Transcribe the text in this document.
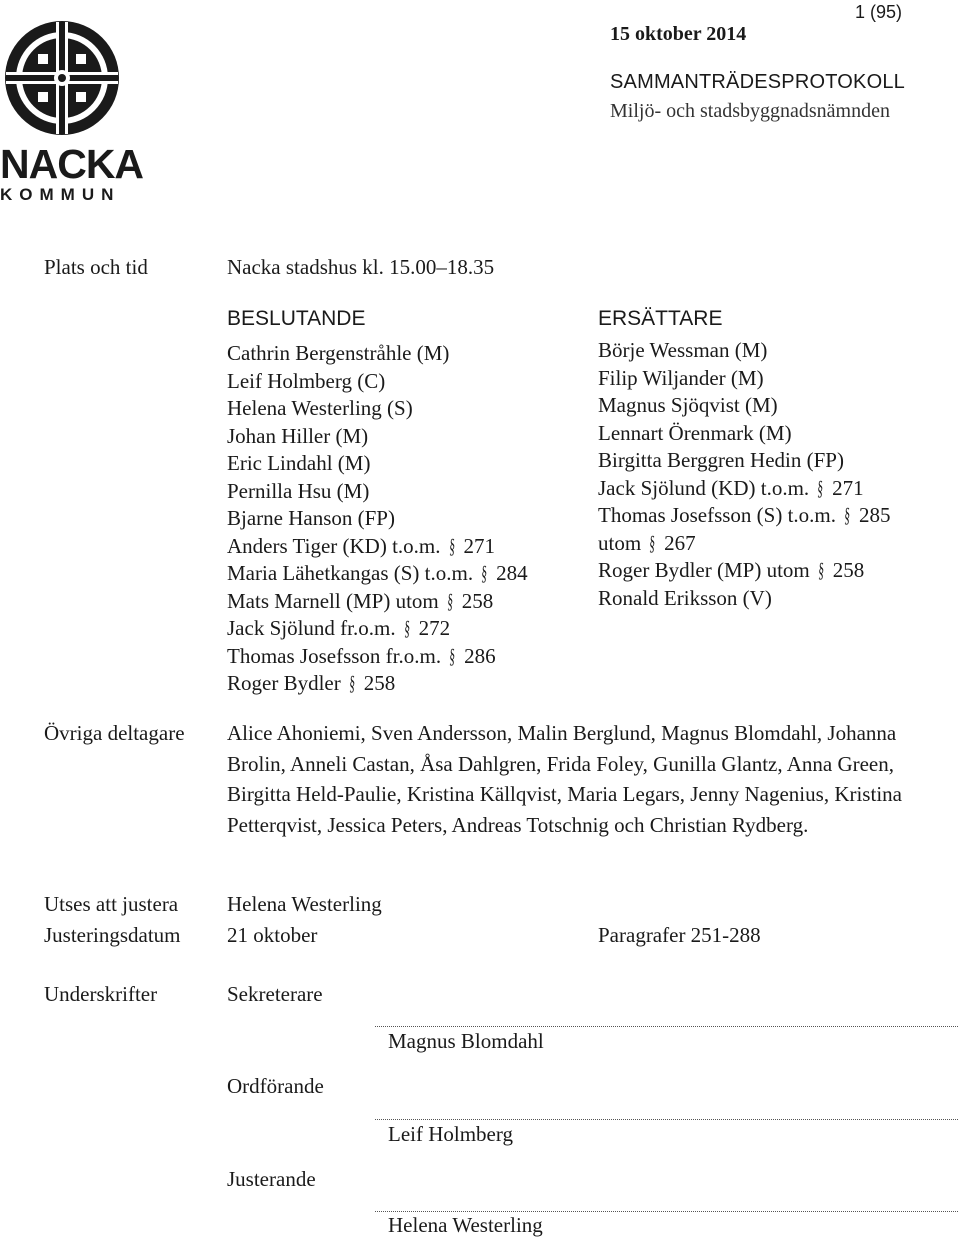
1 (95)
15 oktober 2014
SAMMANTRÄDESPROTOKOLL
Miljö- och stadsbyggnadsnämnden
NACKA
KOMMUN
Plats och tid	Nacka stadshus kl. 15.00–18.35
BESLUTANDE
Cathrin Bergenstråhle (M)
Leif Holmberg (C)
Helena Westerling (S)
Johan Hiller (M)
Eric Lindahl (M)
Pernilla Hsu (M)
Bjarne Hanson (FP)
Anders Tiger (KD) t.o.m. § 271
Maria Lähetkangas (S) t.o.m. § 284
Mats Marnell (MP) utom § 258
Jack Sjölund fr.o.m. § 272
Thomas Josefsson fr.o.m. § 286
Roger Bydler § 258
ERSÄTTARE
Börje Wessman (M)
Filip Wiljander (M)
Magnus Sjöqvist (M)
Lennart Örenmark (M)
Birgitta Berggren Hedin (FP)
Jack Sjölund (KD) t.o.m. § 271
Thomas Josefsson (S) t.o.m. § 285
utom § 267
Roger Bydler (MP) utom § 258
Ronald Eriksson (V)
Övriga deltagare Alice Ahoniemi, Sven Andersson, Malin Berglund, Magnus Blomdahl, Johanna Brolin, Anneli Castan, Åsa Dahlgren, Frida Foley, Gunilla Glantz, Anna Green, Birgitta Held-Paulie, Kristina Källqvist, Maria Legars, Jenny Nagenius, Kristina Petterqvist, Jessica Peters, Andreas Totschnig och Christian Rydberg.
Utses att justera Helena Westerling
Justeringsdatum 21 oktober	Paragrafer 251-288
Underskrifter	Sekreterare
Magnus Blomdahl
Ordförande
Leif Holmberg
Justerande
Helena Westerling
